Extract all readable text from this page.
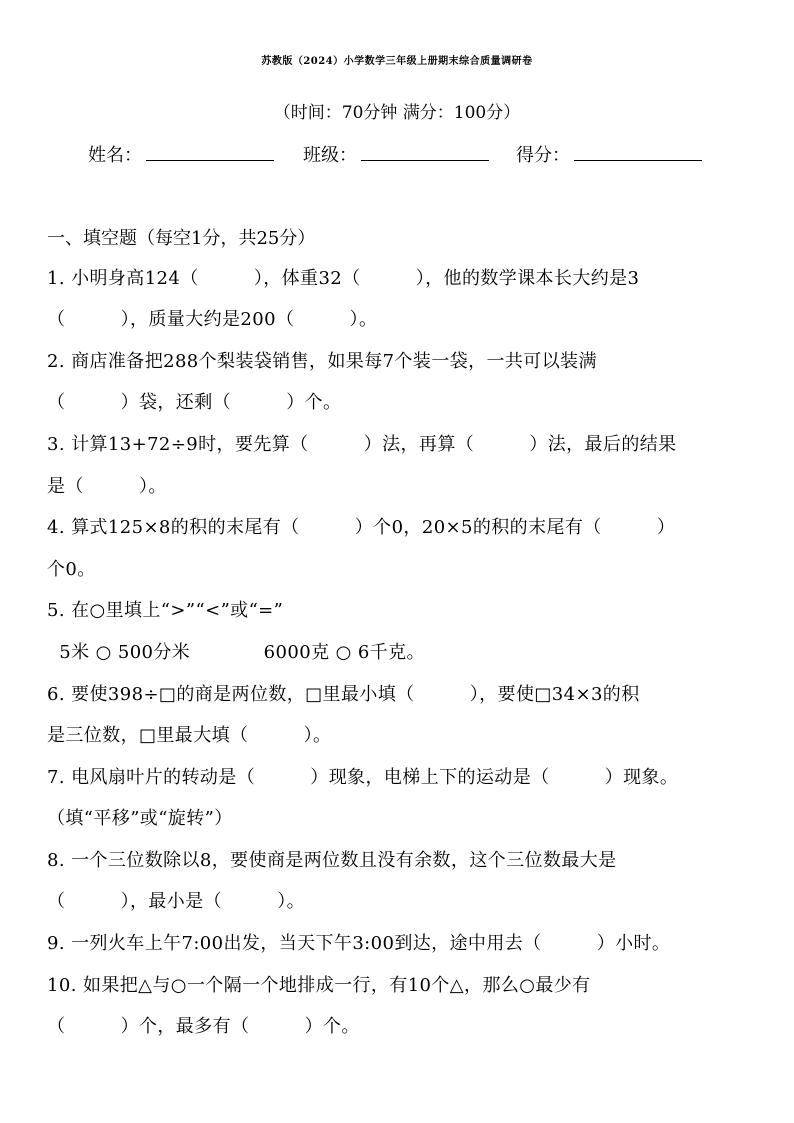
苏教版（2024）小学数学三年级上册期末综合质量调研卷
（时间：70分钟 满分：100分）
姓名：	班级：	得分：
一、填空题（每空1分，共25分）
1. 小明身高124（　　　），体重32（　　　），他的数学课本长大约是3
（　　　），质量大约是200（　　　）。
2. 商店准备把288个梨装袋销售，如果每7个装一袋，一共可以装满
（　　　）袋，还剩（　　　）个。
3. 计算13+72÷9时，要先算（　　　）法，再算（　　　）法，最后的结果
是（　　　）。
4. 算式125×8的积的末尾有（　　　）个0，20×5的积的末尾有（　　　）
个0。
5. 在○里填上“>”“<”或“=”
5米 ○ 500分米            6000克 ○ 6千克。
6. 要使398÷□的商是两位数，□里最小填（　　　），要使□34×3的积
是三位数，□里最大填（　　　）。
7. 电风扇叶片的转动是（　　　）现象，电梯上下的运动是（　　　）现象。
（填“平移”或“旋转”）
8. 一个三位数除以8，要使商是两位数且没有余数，这个三位数最大是
（　　　），最小是（　　　）。
9. 一列火车上午7:00出发，当天下午3:00到达，途中用去（　　　）小时。
10. 如果把△与○一个隔一个地排成一行，有10个△，那么○最少有
（　　　）个，最多有（　　　）个。
